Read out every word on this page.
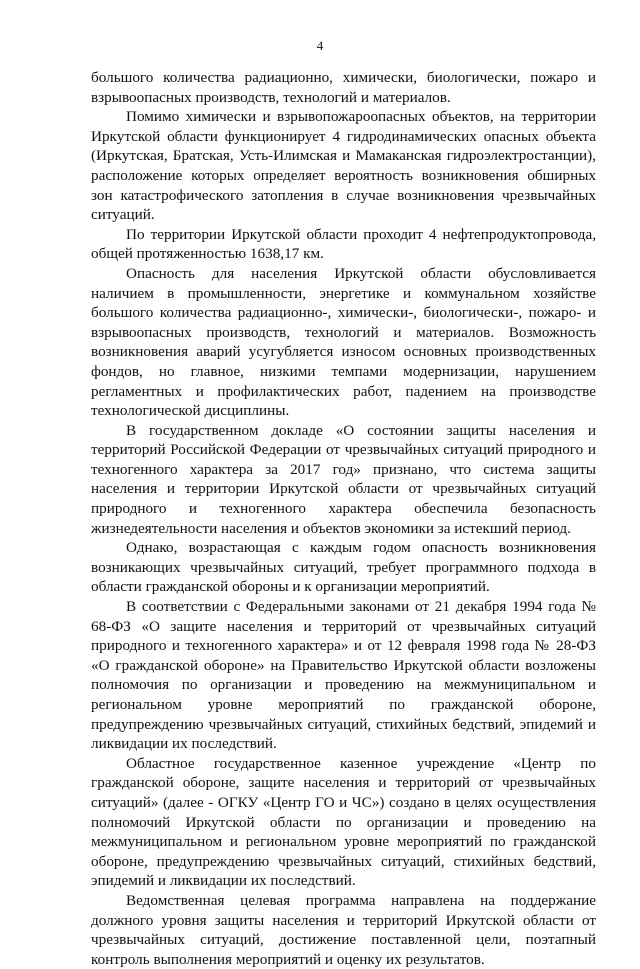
4

большого количества радиационно, химически, биологически, пожаро и взрывоопасных производств, технологий и материалов.

Помимо химически и взрывопожароопасных объектов, на территории Иркутской области функционирует 4 гидродинамических опасных объекта (Иркутская, Братская, Усть-Илимская и Мамаканская гидроэлектростанции), расположение которых определяет вероятность возникновения обширных зон катастрофического затопления в случае возникновения чрезвычайных ситуаций.

По территории Иркутской области проходит 4 нефтепродуктопровода, общей протяженностью 1638,17 км.

Опасность для населения Иркутской области обусловливается наличием в промышленности, энергетике и коммунальном хозяйстве большого количества радиационно-, химически-, биологически-, пожаро- и взрывоопасных производств, технологий и материалов. Возможность возникновения аварий усугубляется износом основных производственных фондов, но главное, низкими темпами модернизации, нарушением регламентных и профилактических работ, падением на производстве технологической дисциплины.

В государственном докладе «О состоянии защиты населения и территорий Российской Федерации от чрезвычайных ситуаций природного и техногенного характера за 2017 год» признано, что система защиты населения и территории Иркутской области от чрезвычайных ситуаций природного и техногенного характера обеспечила безопасность жизнедеятельности населения и объектов экономики за истекший период.

Однако, возрастающая с каждым годом опасность возникновения возникающих чрезвычайных ситуаций, требует программного подхода в области гражданской обороны и к организации мероприятий.

В соответствии с Федеральными законами от 21 декабря 1994 года № 68-ФЗ «О защите населения и территорий от чрезвычайных ситуаций природного и техногенного характера» и от 12 февраля 1998 года № 28-ФЗ «О гражданской обороне» на Правительство Иркутской области возложены полномочия по организации и проведению на межмуниципальном и региональном уровне мероприятий по гражданской обороне, предупреждению чрезвычайных ситуаций, стихийных бедствий, эпидемий и ликвидации их последствий.

Областное государственное казенное учреждение «Центр по гражданской обороне, защите населения и территорий от чрезвычайных ситуаций» (далее - ОГКУ «Центр ГО и ЧС») создано в целях осуществления полномочий Иркутской области по организации и проведению на межмуниципальном и региональном уровне мероприятий по гражданской обороне, предупреждению чрезвычайных ситуаций, стихийных бедствий, эпидемий и ликвидации их последствий.

Ведомственная целевая программа направлена на поддержание должного уровня защиты населения и территорий Иркутской области от чрезвычайных ситуаций, достижение поставленной цели, поэтапный контроль выполнения мероприятий и оценку их результатов.
